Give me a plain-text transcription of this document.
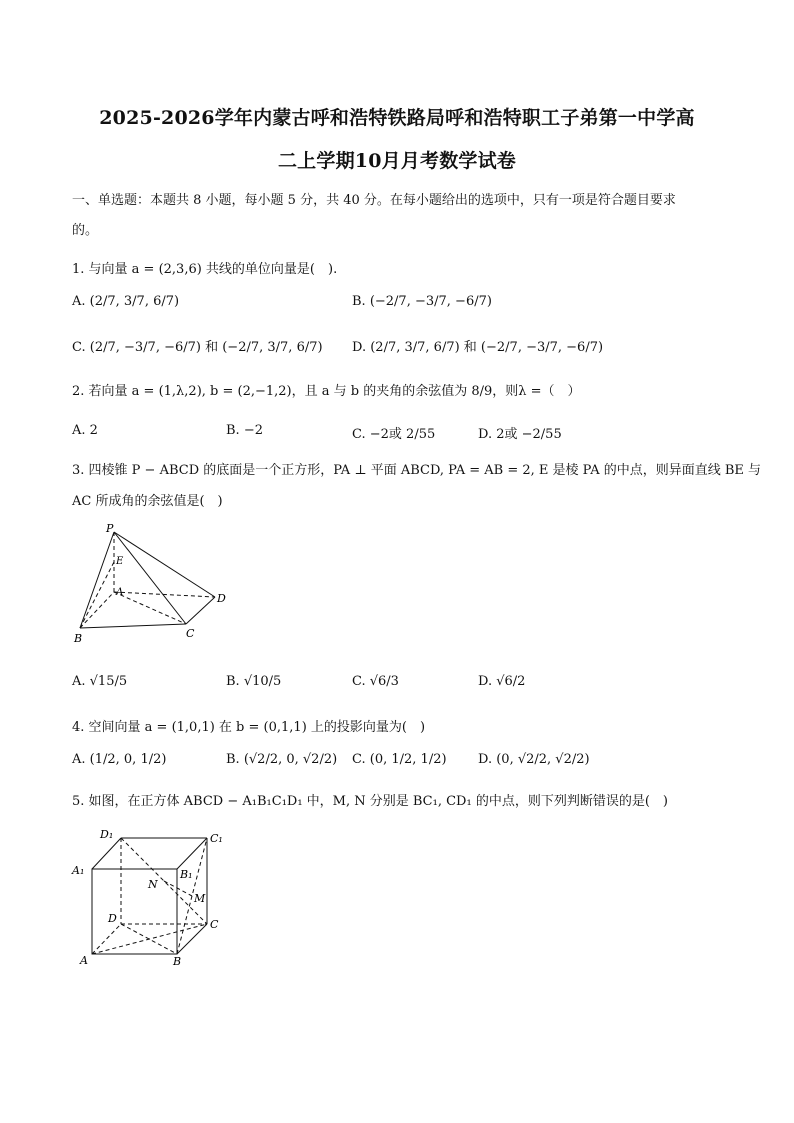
2025-2026学年内蒙古呼和浩特铁路局呼和浩特职工子弟第一中学高
二上学期10月月考数学试卷
一、单选题：本题共 8 小题，每小题 5 分，共 40 分。在每小题给出的选项中，只有一项是符合题目要求
的。
1. 与向量 a = (2,3,6) 共线的单位向量是(　).
A. (2/7, 3/7, 6/7)	B. (−2/7, −3/7, −6/7)
C. (2/7, −3/7, −6/7) 和 (−2/7, 3/7, 6/7) D. (2/7, 3/7, 6/7) 和 (−2/7, −3/7, −6/7)
2. 若向量 a = (1,λ,2), b = (2,−1,2)，且 a 与 b 的夹角的余弦值为 8/9，则λ =（　）
A. 2	B. −2	C. −2或 2/55	D. 2或 −2/55
3. 四棱锥 P − ABCD 的底面是一个正方形，PA ⊥ 平面 ABCD, PA = AB = 2, E 是棱 PA 的中点，则异面直线 BE 与
AC 所成角的余弦值是(　)
P
E
A	D
B	C
A. √15/5	B. √10/5	C. √6/3	D. √6/2
4. 空间向量 a = (1,0,1) 在 b = (0,1,1) 上的投影向量为(　)
A. (1/2, 0, 1/2)	B. (√2/2, 0, √2/2) C. (0, 1/2, 1/2) D. (0, √2/2, √2/2)
5. 如图，在正方体 ABCD − A₁B₁C₁D₁ 中，M, N 分别是 BC₁, CD₁ 的中点，则下列判断错误的是(　)
D₁	C₁
A₁	B₁
N
M
D	C
A	B
